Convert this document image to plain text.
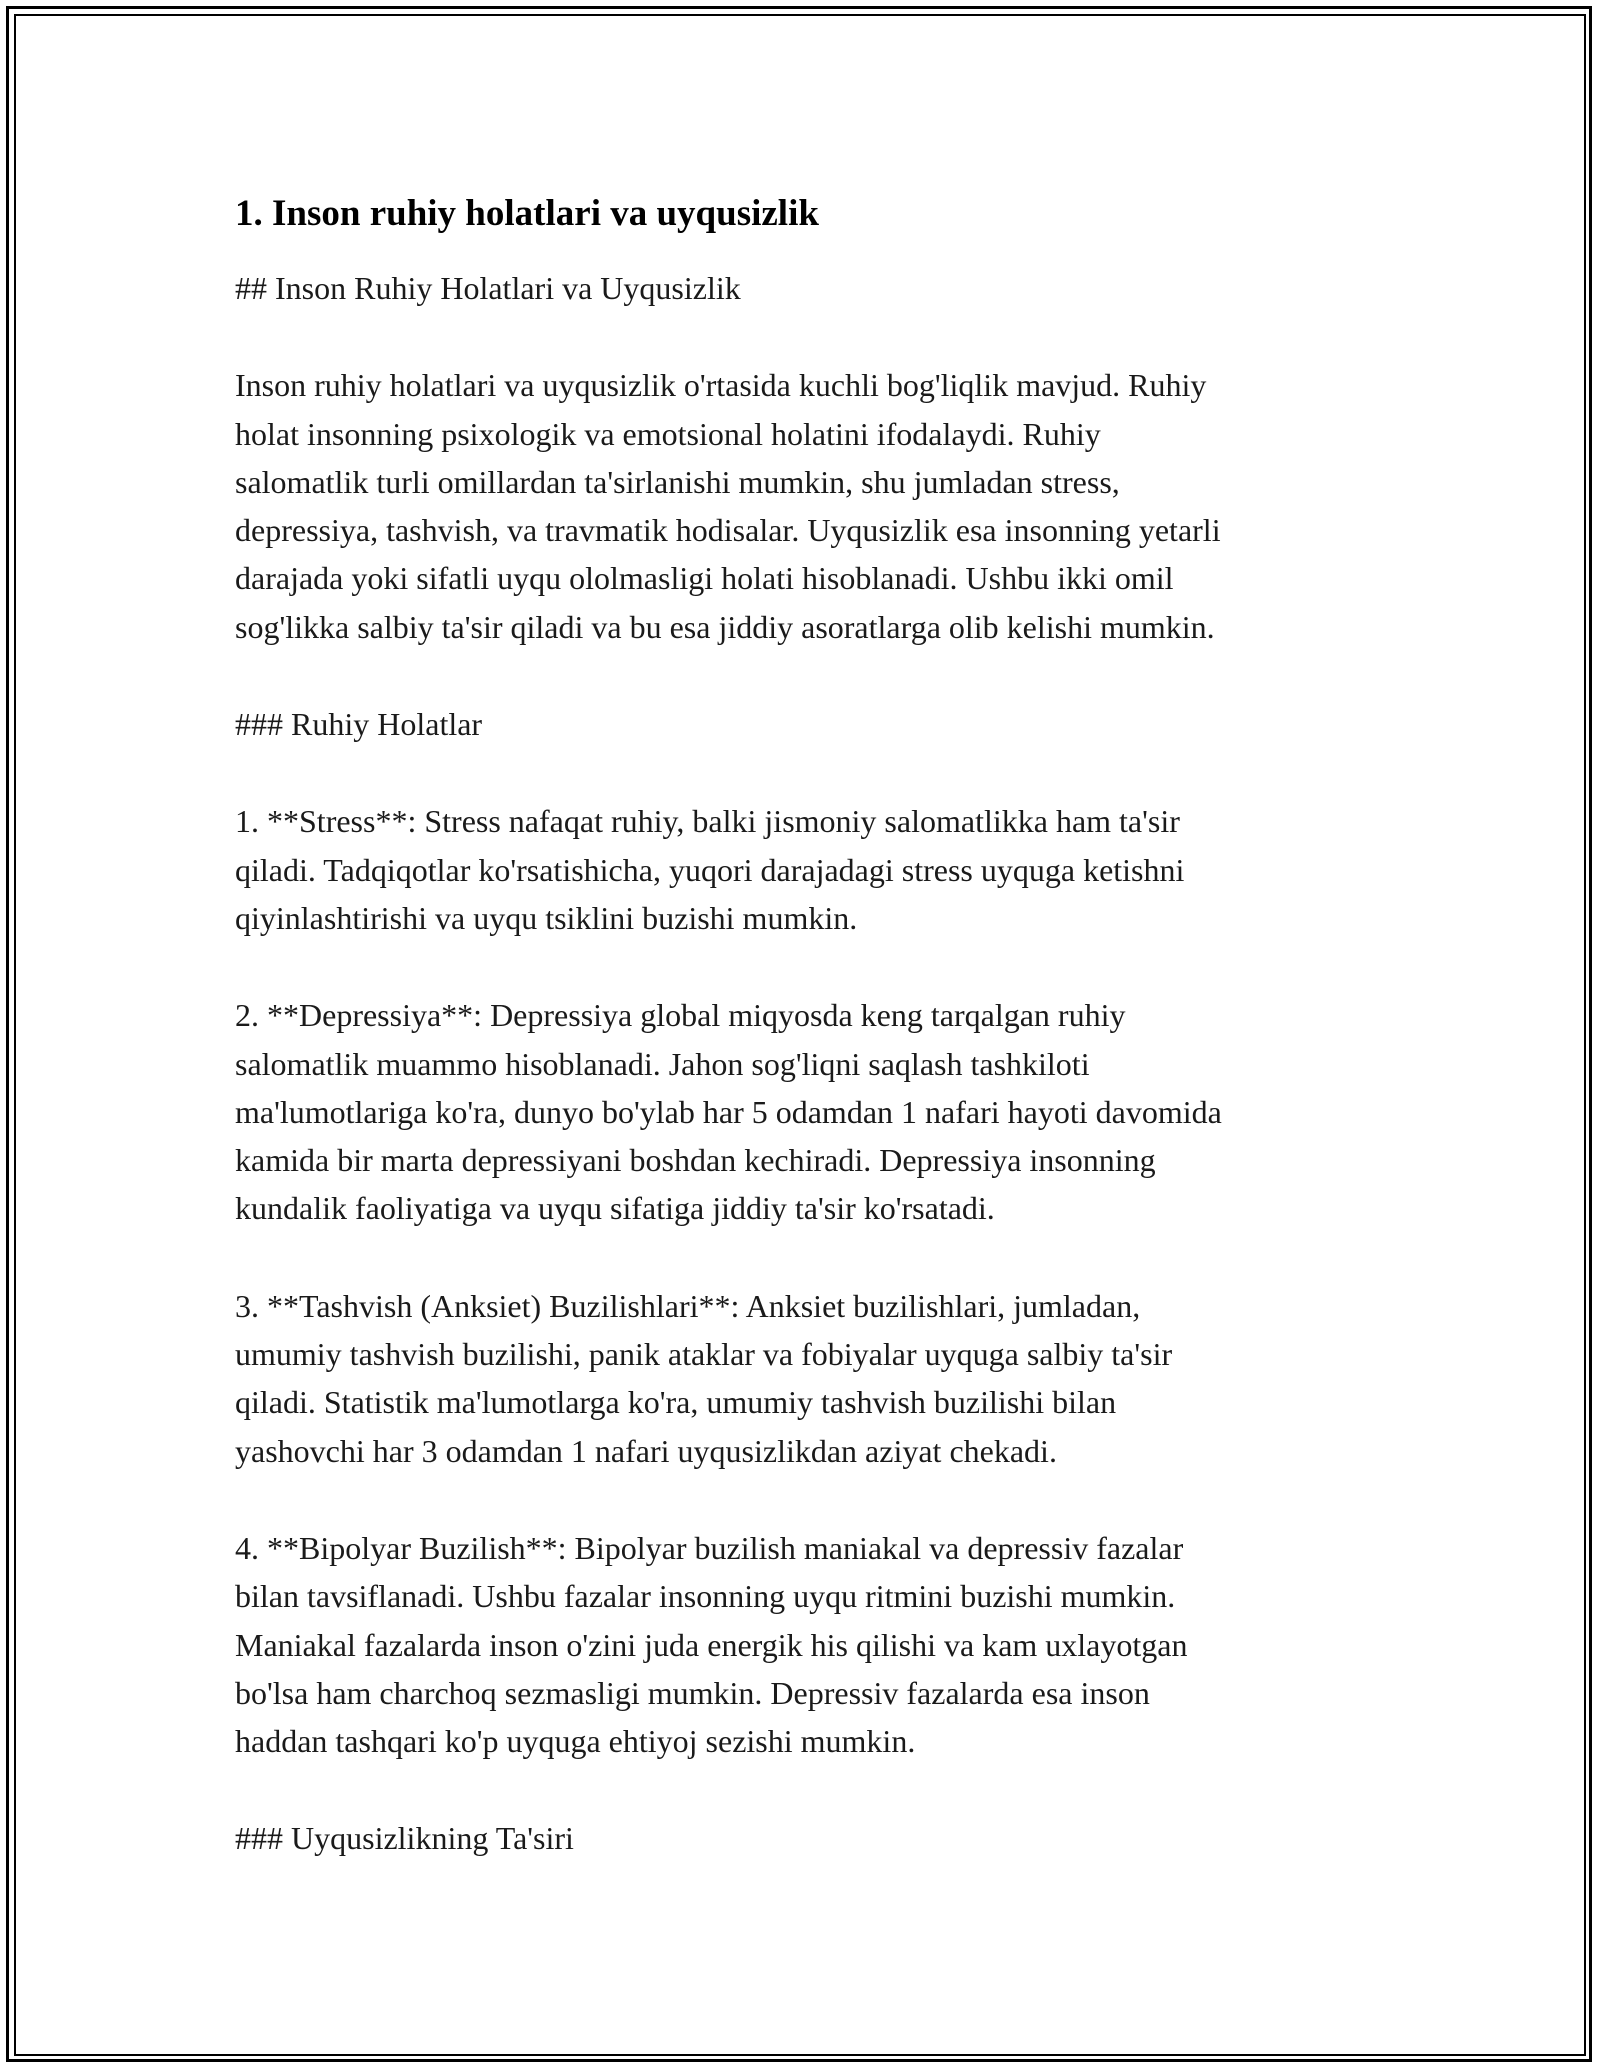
1. Inson ruhiy holatlari va uyqusizlik

## Inson Ruhiy Holatlari va Uyqusizlik

Inson ruhiy holatlari va uyqusizlik o'rtasida kuchli bog'liqlik mavjud. Ruhiy
holat insonning psixologik va emotsional holatini ifodalaydi. Ruhiy
salomatlik turli omillardan ta'sirlanishi mumkin, shu jumladan stress,
depressiya, tashvish, va travmatik hodisalar. Uyqusizlik esa insonning yetarli
darajada yoki sifatli uyqu ololmasligi holati hisoblanadi. Ushbu ikki omil
sog'likka salbiy ta'sir qiladi va bu esa jiddiy asoratlarga olib kelishi mumkin.

### Ruhiy Holatlar

1. **Stress**: Stress nafaqat ruhiy, balki jismoniy salomatlikka ham ta'sir
qiladi. Tadqiqotlar ko'rsatishicha, yuqori darajadagi stress uyquga ketishni
qiyinlashtirishi va uyqu tsiklini buzishi mumkin.

2. **Depressiya**: Depressiya global miqyosda keng tarqalgan ruhiy
salomatlik muammo hisoblanadi. Jahon sog'liqni saqlash tashkiloti
ma'lumotlariga ko'ra, dunyo bo'ylab har 5 odamdan 1 nafari hayoti davomida
kamida bir marta depressiyani boshdan kechiradi. Depressiya insonning
kundalik faoliyatiga va uyqu sifatiga jiddiy ta'sir ko'rsatadi.

3. **Tashvish (Anksiet) Buzilishlari**: Anksiet buzilishlari, jumladan,
umumiy tashvish buzilishi, panik ataklar va fobiyalar uyquga salbiy ta'sir
qiladi. Statistik ma'lumotlarga ko'ra, umumiy tashvish buzilishi bilan
yashovchi har 3 odamdan 1 nafari uyqusizlikdan aziyat chekadi.

4. **Bipolyar Buzilish**: Bipolyar buzilish maniakal va depressiv fazalar
bilan tavsiflanadi. Ushbu fazalar insonning uyqu ritmini buzishi mumkin.
Maniakal fazalarda inson o'zini juda energik his qilishi va kam uxlayotgan
bo'lsa ham charchoq sezmasligi mumkin. Depressiv fazalarda esa inson
haddan tashqari ko'p uyquga ehtiyoj sezishi mumkin.

### Uyqusizlikning Ta'siri
